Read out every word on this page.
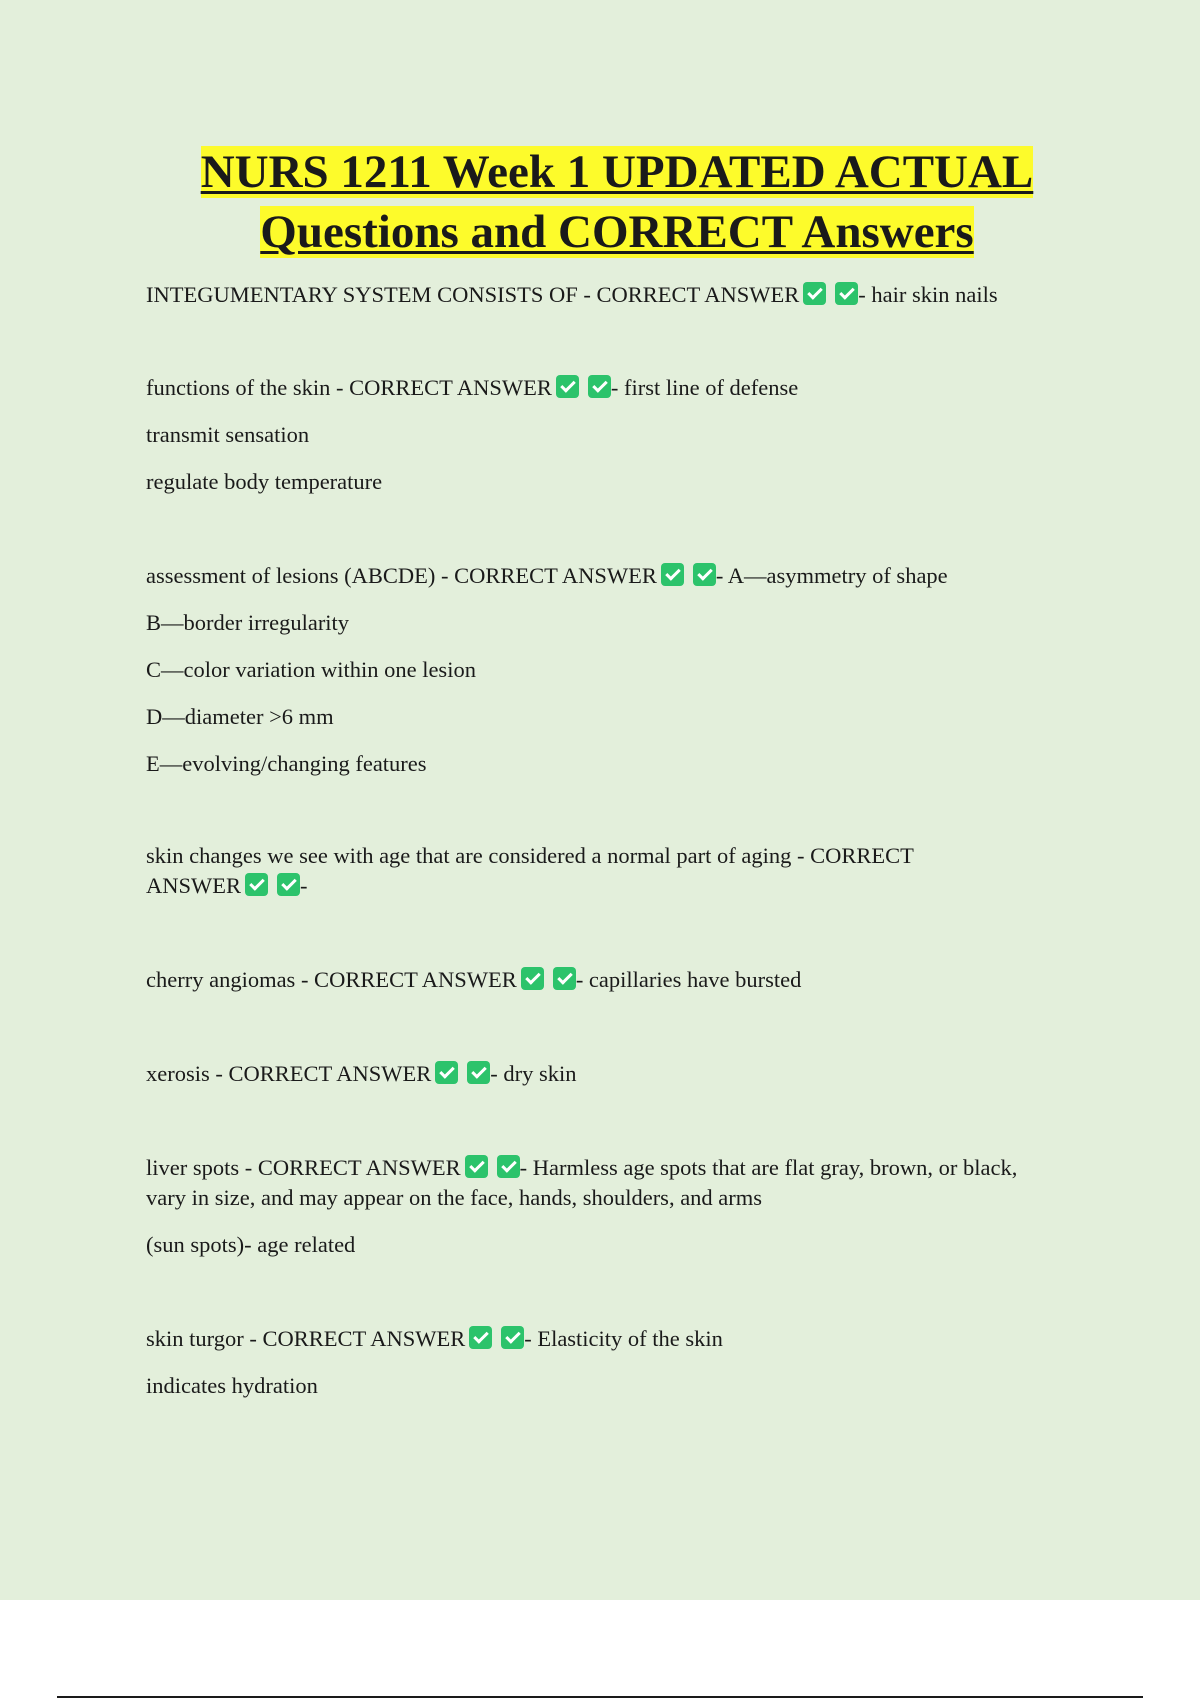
NURS 1211 Week 1 UPDATED ACTUAL
Questions and CORRECT Answers

INTEGUMENTARY SYSTEM CONSISTS OF - CORRECT ANSWER	- hair skin nails

functions of the skin - CORRECT ANSWER	- first line of defense

transmit sensation

regulate body temperature

assessment of lesions (ABCDE) - CORRECT ANSWER	- A—asymmetry of shape

B—border irregularity

C—color variation within one lesion

D—diameter >6 mm

E—evolving/changing features

skin changes we see with age that are considered a normal part of aging - CORRECT

ANSWER	-

cherry angiomas - CORRECT ANSWER	- capillaries have bursted

xerosis - CORRECT ANSWER	- dry skin

liver spots - CORRECT ANSWER	- Harmless age spots that are flat gray, brown, or black,

vary in size, and may appear on the face, hands, shoulders, and arms

(sun spots)- age related

skin turgor - CORRECT ANSWER	- Elasticity of the skin

indicates hydration
